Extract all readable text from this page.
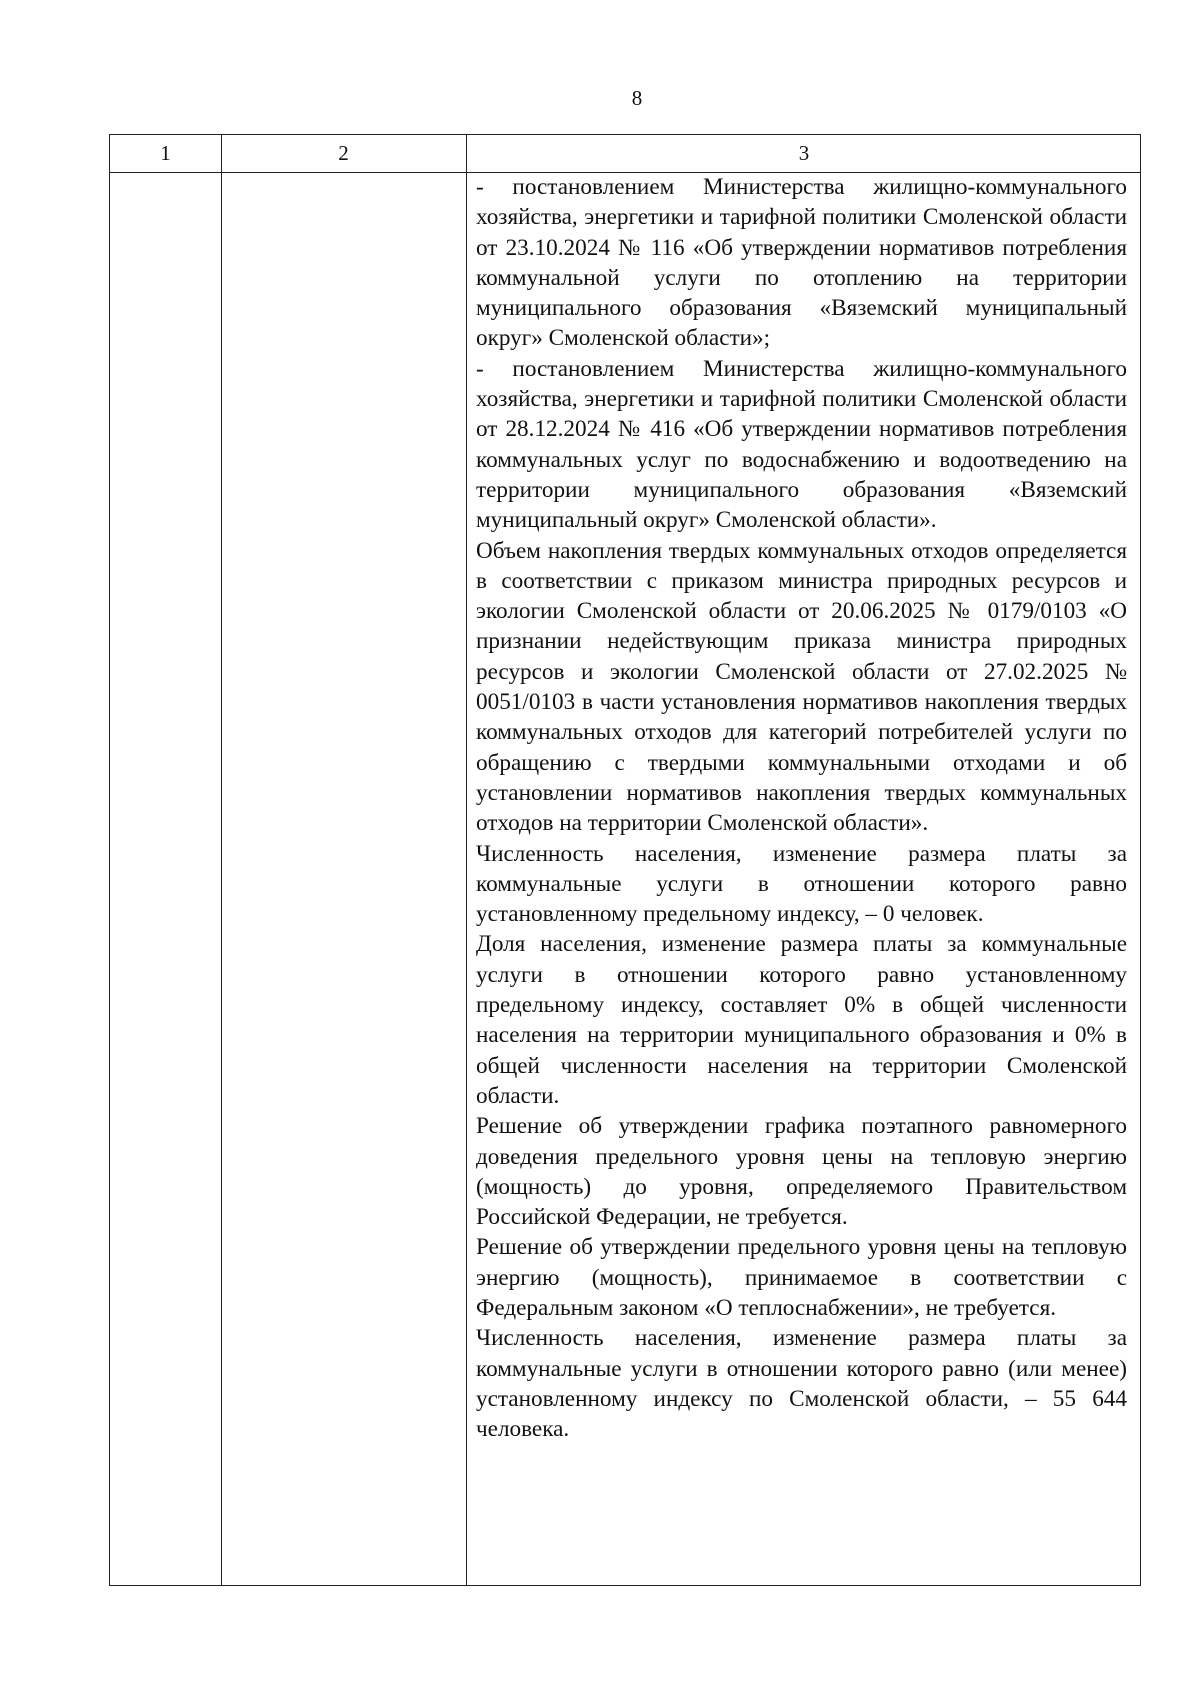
8
1	2	3

- постановлением Министерства жилищно-коммунального хозяйства, энергетики и тарифной политики Смоленской области от 23.10.2024 № 116 «Об утверждении нормативов потребления коммунальной услуги по отоплению на территории муниципального образования «Вяземский муниципальный округ» Смоленской области»;

- постановлением Министерства жилищно-коммунального хозяйства, энергетики и тарифной политики Смоленской области от 28.12.2024 № 416 «Об утверждении нормативов потребления коммунальных услуг по водоснабжению и водоотведению на территории муниципального образования «Вяземский муниципальный округ» Смоленской области».

Объем накопления твердых коммунальных отходов определяется в соответствии с приказом министра природных ресурсов и экологии Смоленской области от 20.06.2025 № 0179/0103 «О признании недействующим приказа министра природных ресурсов и экологии Смоленской области от 27.02.2025 № 0051/0103 в части установления нормативов накопления твердых коммунальных отходов для категорий потребителей услуги по обращению с твердыми коммунальными отходами и об установлении нормативов накопления твердых коммунальных отходов на территории Смоленской области».

Численность населения, изменение размера платы за коммунальные услуги в отношении которого равно установленному предельному индексу, – 0 человек.

Доля населения, изменение размера платы за коммунальные услуги в отношении которого равно установленному предельному индексу, составляет 0% в общей численности населения на территории муниципального образования и 0% в общей численности населения на территории Смоленской области.

Решение об утверждении графика поэтапного равномерного доведения предельного уровня цены на тепловую энергию (мощность) до уровня, определяемого Правительством Российской Федерации, не требуется.

Решение об утверждении предельного уровня цены на тепловую энергию (мощность), принимаемое в соответствии с Федеральным законом «О теплоснабжении», не требуется.

Численность населения, изменение размера платы за коммунальные услуги в отношении которого равно (или менее) установленному индексу по Смоленской области, – 55 644 человека.
